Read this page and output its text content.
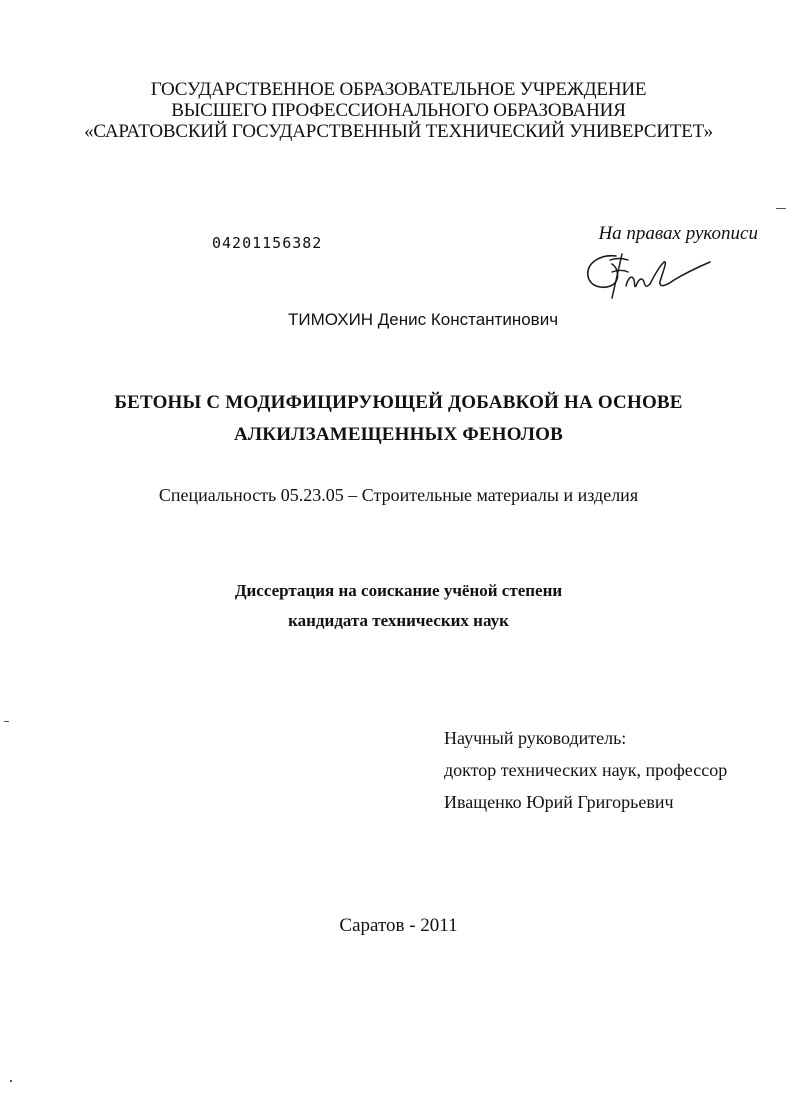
ГОСУДАРСТВЕННОЕ ОБРАЗОВАТЕЛЬНОЕ УЧРЕЖДЕНИЕ
ВЫСШЕГО ПРОФЕССИОНАЛЬНОГО ОБРАЗОВАНИЯ
«САРАТОВСКИЙ ГОСУДАРСТВЕННЫЙ ТЕХНИЧЕСКИЙ УНИВЕРСИТЕТ»
04201156382	На правах рукописи
ТИМОХИН Денис Константинович
БЕТОНЫ С МОДИФИЦИРУЮЩЕЙ ДОБАВКОЙ НА ОСНОВЕ
АЛКИЛЗАМЕЩЕННЫХ ФЕНОЛОВ
Специальность 05.23.05 – Строительные материалы и изделия
Диссертация на соискание учёной степени
кандидата технических наук
Научный руководитель:
доктор технических наук, профессор
Иващенко Юрий Григорьевич
Саратов - 2011
